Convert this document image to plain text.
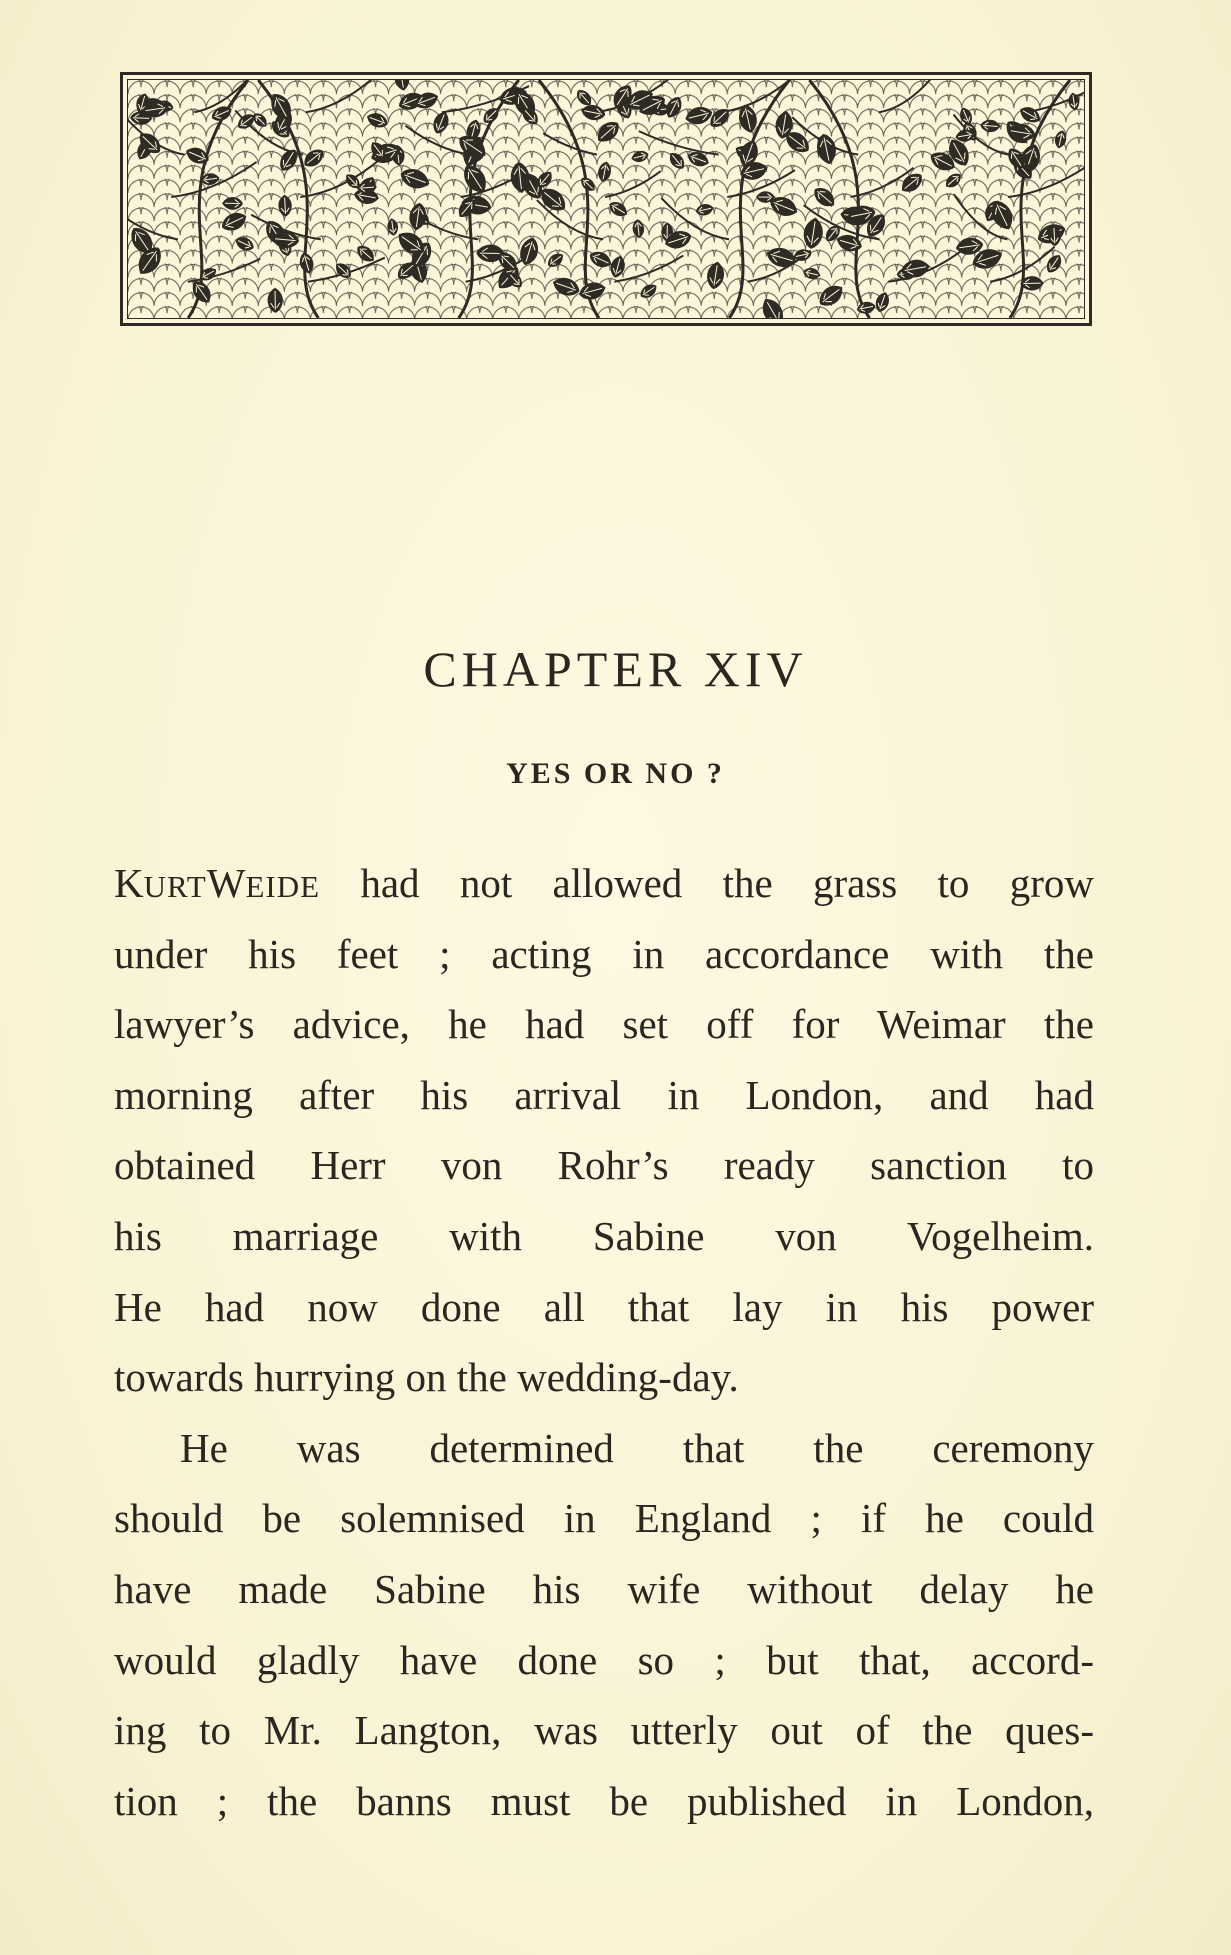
CHAPTER XIV
YES OR NO ?

KURTWEIDE had not allowed the grass to grow
under his feet ; acting in accordance with the
lawyer’s advice, he had set off for Weimar the
morning after his arrival in London, and had
obtained Herr von Rohr’s ready sanction to
his marriage with Sabine von Vogelheim.
He had now done all that lay in his power
towards hurrying on the wedding-day.

He was determined that the ceremony
should be solemnised in England ; if he could
have made Sabine his wife without delay he
would gladly have done so ; but that, accord-
ing to Mr. Langton, was utterly out of the ques-
tion ; the banns must be published in London,
